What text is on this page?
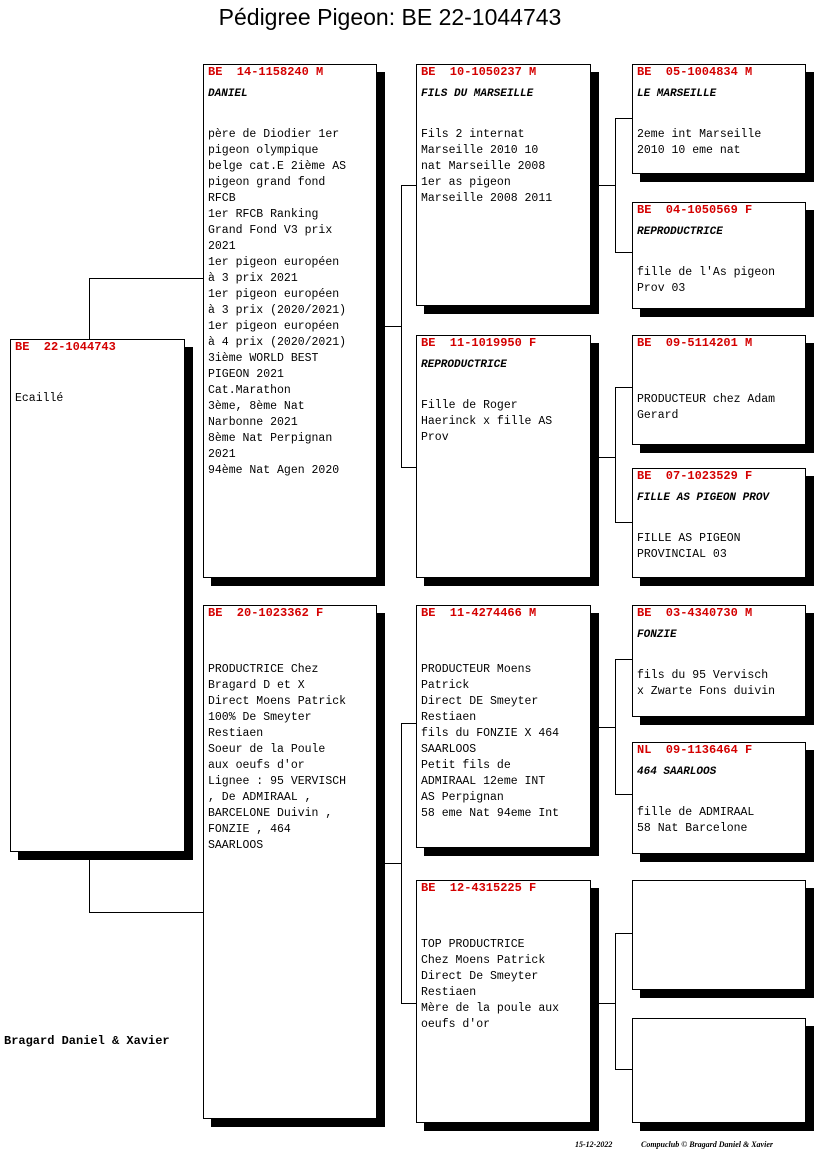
Pédigree Pigeon: BE 22-1044743
BE  22-1044743
Ecaillé
BE  14-1158240 M
DANIEL
père de Diodier 1er
pigeon olympique
belge cat.E 2ième AS
pigeon grand fond
RFCB
1er RFCB Ranking
Grand Fond V3 prix
2021
1er pigeon européen
à 3 prix 2021
1er pigeon européen
à 3 prix (2020/2021)
1er pigeon européen
à 4 prix (2020/2021)
3ième WORLD BEST
PIGEON 2021
Cat.Marathon
3ème, 8ème Nat
Narbonne 2021
8ème Nat Perpignan
2021
94ème Nat Agen 2020
BE  20-1023362 F
PRODUCTRICE Chez
Bragard D et X
Direct Moens Patrick
100% De Smeyter
Restiaen
Soeur de la Poule
aux oeufs d'or
Lignee : 95 VERVISCH
, De ADMIRAAL ,
BARCELONE Duivin ,
FONZIE , 464
SAARLOOS
BE  10-1050237 M
FILS DU MARSEILLE
Fils 2 internat
Marseille 2010 10
nat Marseille 2008
1er as pigeon
Marseille 2008 2011
BE  11-1019950 F
REPRODUCTRICE
Fille de Roger
Haerinck x fille AS
Prov
BE  11-4274466 M
PRODUCTEUR Moens
Patrick
Direct DE Smeyter
Restiaen
fils du FONZIE X 464
SAARLOOS
Petit fils de
ADMIRAAL 12eme INT
AS Perpignan
58 eme Nat 94eme Int
BE  12-4315225 F
TOP PRODUCTRICE
Chez Moens Patrick
Direct De Smeyter
Restiaen
Mère de la poule aux
oeufs d'or
BE  05-1004834 M
LE MARSEILLE
2eme int Marseille
2010 10 eme nat
BE  04-1050569 F
REPRODUCTRICE
fille de l'As pigeon
Prov 03
BE  09-5114201 M
PRODUCTEUR chez Adam
Gerard
BE  07-1023529 F
FILLE AS PIGEON PROV
FILLE AS PIGEON
PROVINCIAL 03
BE  03-4340730 M
FONZIE
fils du 95 Vervisch
x Zwarte Fons duivin
NL  09-1136464 F
464 SAARLOOS
fille de ADMIRAAL
58 Nat Barcelone
Bragard Daniel & Xavier
15-12-2022	Compuclub © Bragard Daniel & Xavier
